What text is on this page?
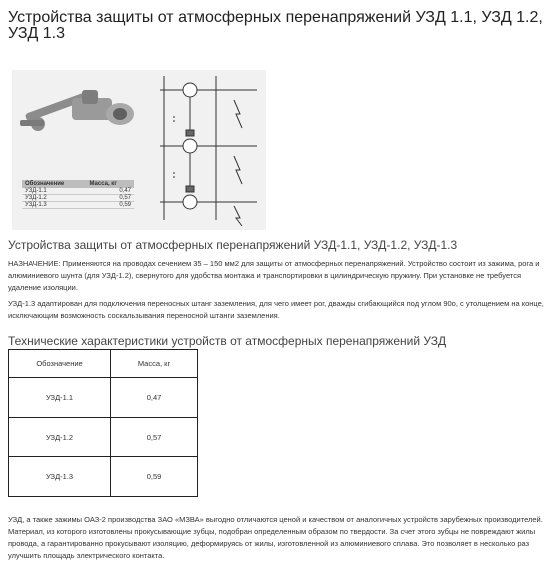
Устройства защиты от атмосферных перенапряжений УЗД 1.1, УЗД 1.2, УЗД 1.3
Обозначение	Масса, кг
УЗД-1.1	0,47
УЗД-1.2	0,57
УЗД-1.3	0,59
Устройства защиты от атмосферных перенапряжений УЗД-1.1, УЗД-1.2, УЗД-1.3
НАЗНАЧЕНИЕ: Применяются на проводах сечением 35 – 150 мм2 для защиты от атмосферных перенапряжений. Устройство состоит из зажима, рога и алюминиевого шунта (для УЗД-1.2), свернутого для удобства монтажа и транспортировки в цилиндрическую пружину. При установке не требуется удаление изоляции.
УЗД-1.3 адаптирован для подключения переносных штанг заземления, для чего имеет рог, дважды сгибающийся под углом 90o, с утолщением на конце, исключающим возможность соскальзывания переносной штанги заземления.
Технические характеристики устройств от атмосферных перенапряжений УЗД
Обозначение	Масса, кг
УЗД-1.1	0,47
УЗД-1.2	0,57
УЗД-1.3	0,59
УЗД, а также зажимы ОАЗ-2 производства ЗАО «МЗВА» выгодно отличаются ценой и качеством от аналогичных устройств зарубежных производителей. Материал, из которого изготовлены прокусывающие зубцы, подобран определенным образом по твердости. За счет этого зубцы не повреждают жилы провода, а гарантированно прокусывают изоляцию, деформируясь от жилы, изготовленной из алюминиевого сплава. Это позволяет в несколько раз улучшить площадь электрического контакта.
